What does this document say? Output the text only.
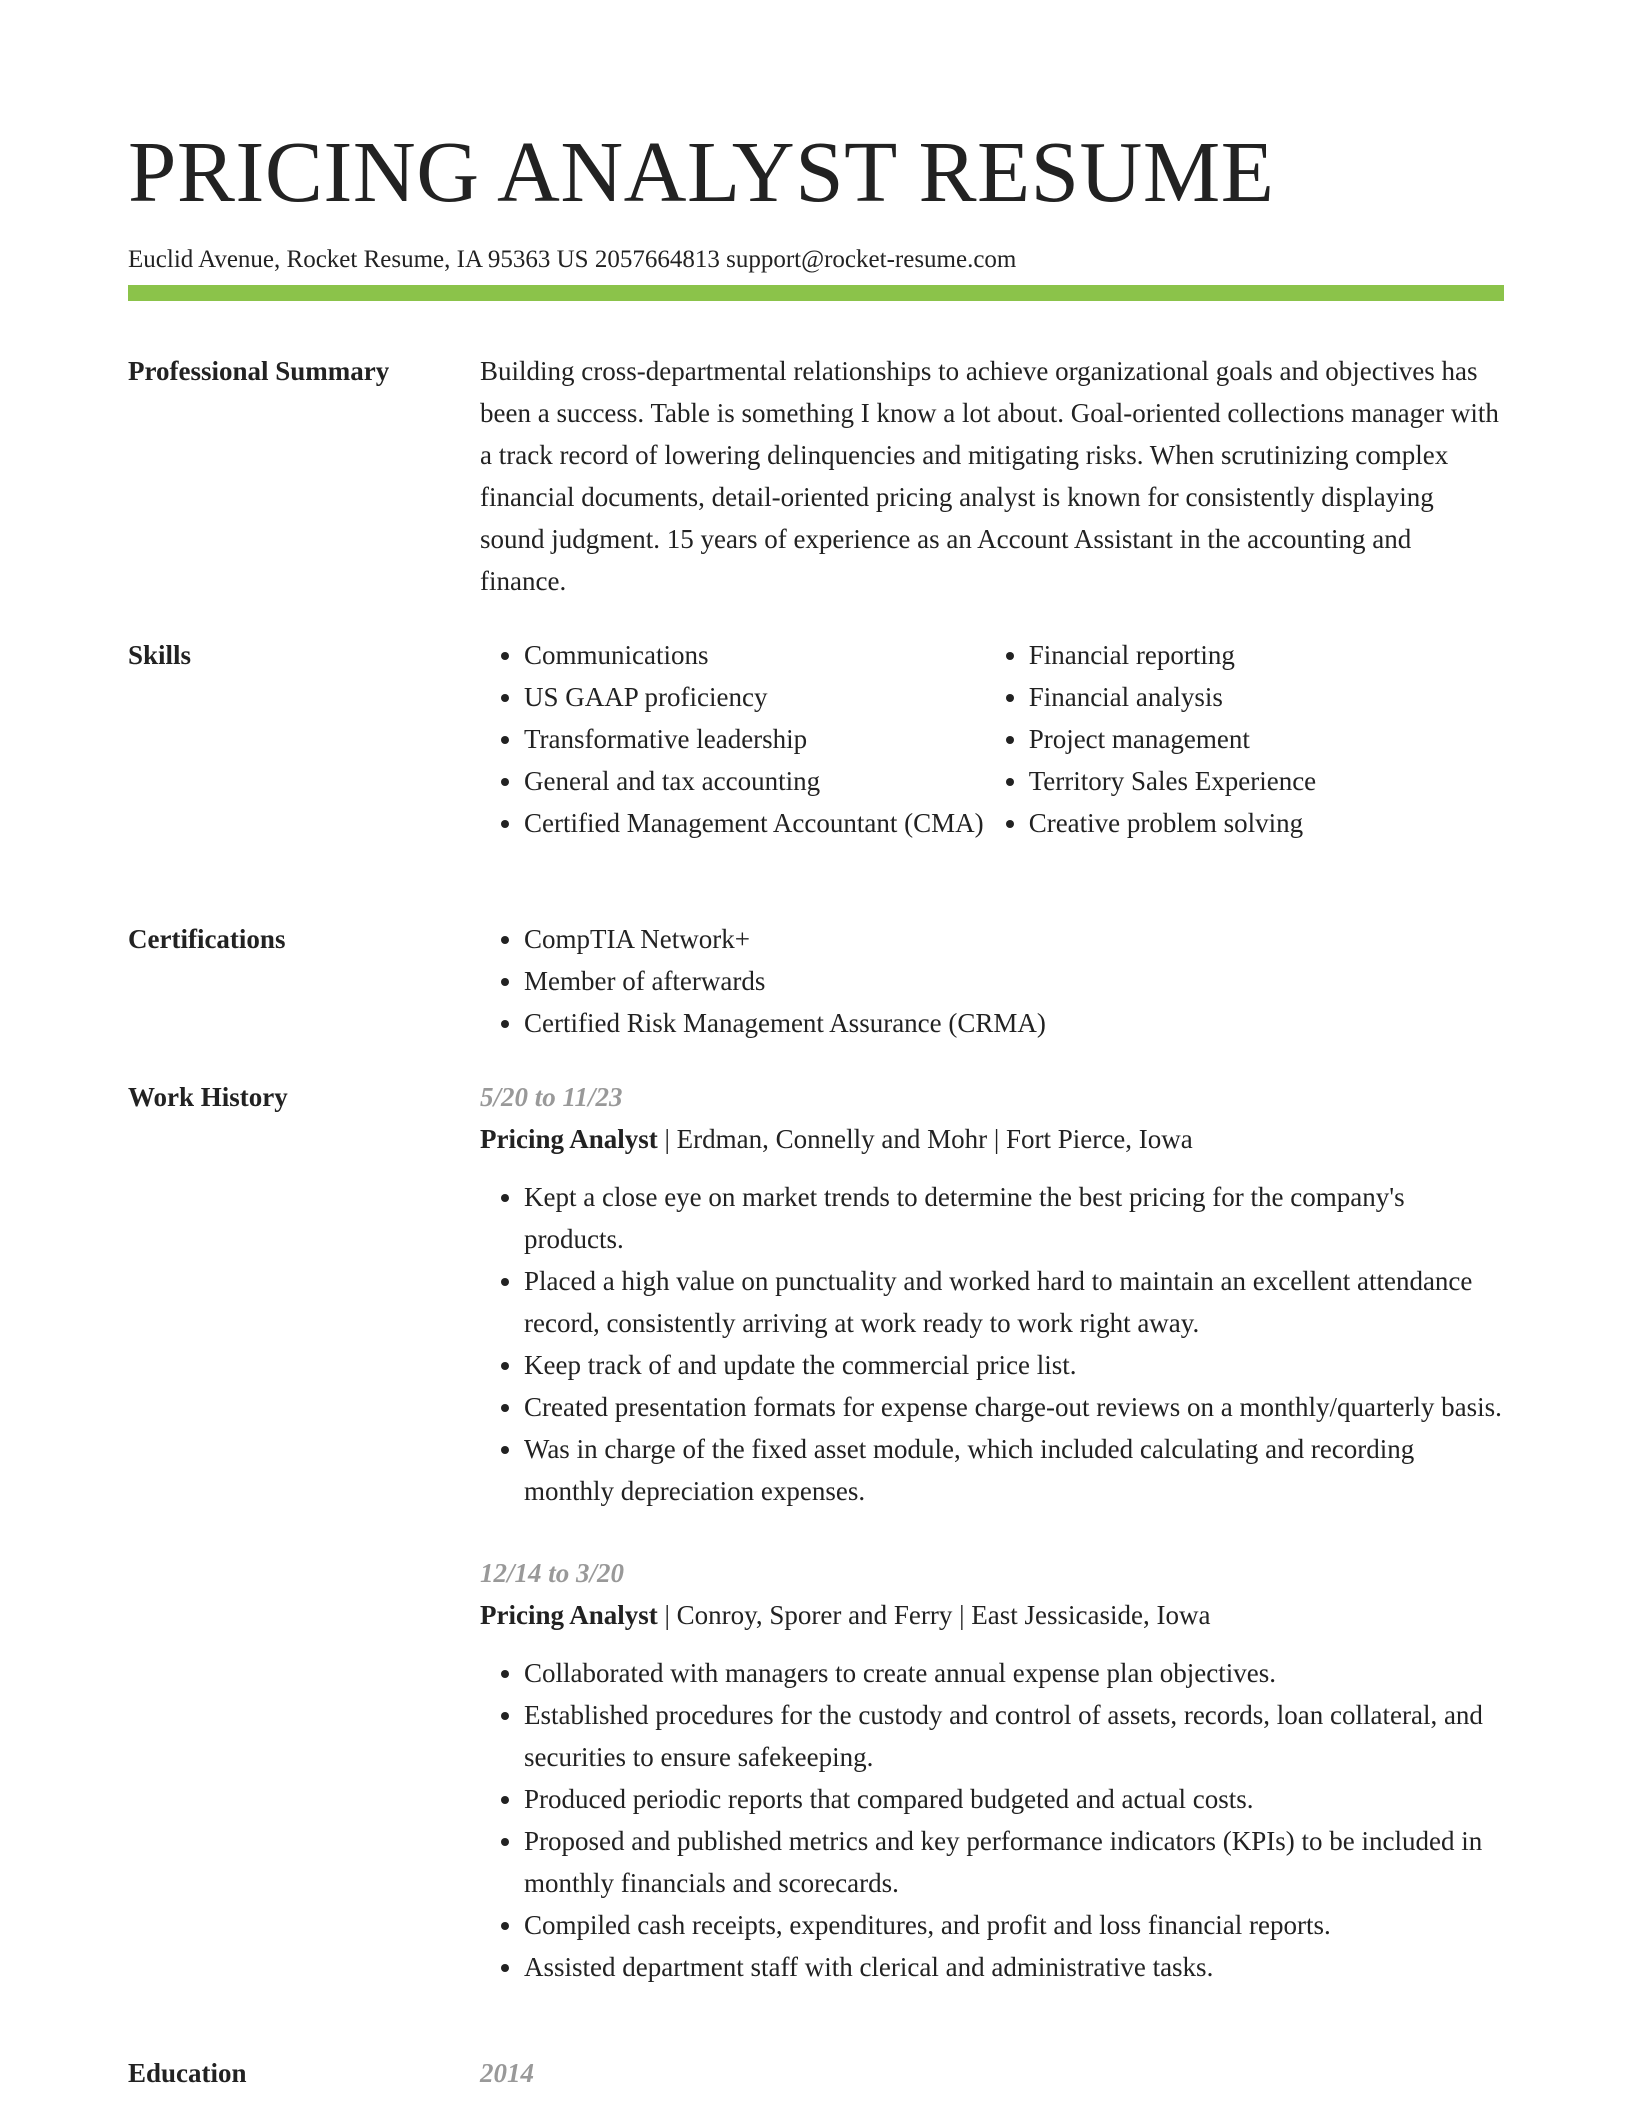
PRICING ANALYST RESUME
Euclid Avenue, Rocket Resume, IA 95363 US 2057664813 support@rocket-resume.com
Professional Summary	Building cross-departmental relationships to achieve organizational goals and objectives has been a success. Table is something I know a lot about. Goal-oriented collections manager with a track record of lowering delinquencies and mitigating risks. When scrutinizing complex financial documents, detail-oriented pricing analyst is known for consistently displaying sound judgment. 15 years of experience as an Account Assistant in the accounting and finance.

Skills	• Communications
• US GAAP proficiency
• Transformative leadership
• General and tax accounting
• Certified Management Accountant (CMA)
• Financial reporting
• Financial analysis
• Project management
• Territory Sales Experience
• Creative problem solving
Certifications	• CompTIA Network+
• Member of afterwards
• Certified Risk Management Assurance (CRMA)
Work History	5/20 to 11/23
Pricing Analyst | Erdman, Connelly and Mohr | Fort Pierce, Iowa
• Kept a close eye on market trends to determine the best pricing for the company's products.
• Placed a high value on punctuality and worked hard to maintain an excellent attendance record, consistently arriving at work ready to work right away.
• Keep track of and update the commercial price list.
• Created presentation formats for expense charge-out reviews on a monthly/quarterly basis.
• Was in charge of the fixed asset module, which included calculating and recording monthly depreciation expenses.
12/14 to 3/20
Pricing Analyst | Conroy, Sporer and Ferry | East Jessicaside, Iowa
• Collaborated with managers to create annual expense plan objectives.
• Established procedures for the custody and control of assets, records, loan collateral, and securities to ensure safekeeping.
• Produced periodic reports that compared budgeted and actual costs.
• Proposed and published metrics and key performance indicators (KPIs) to be included in monthly financials and scorecards.
• Compiled cash receipts, expenditures, and profit and loss financial reports.
• Assisted department staff with clerical and administrative tasks.
Education	2014
